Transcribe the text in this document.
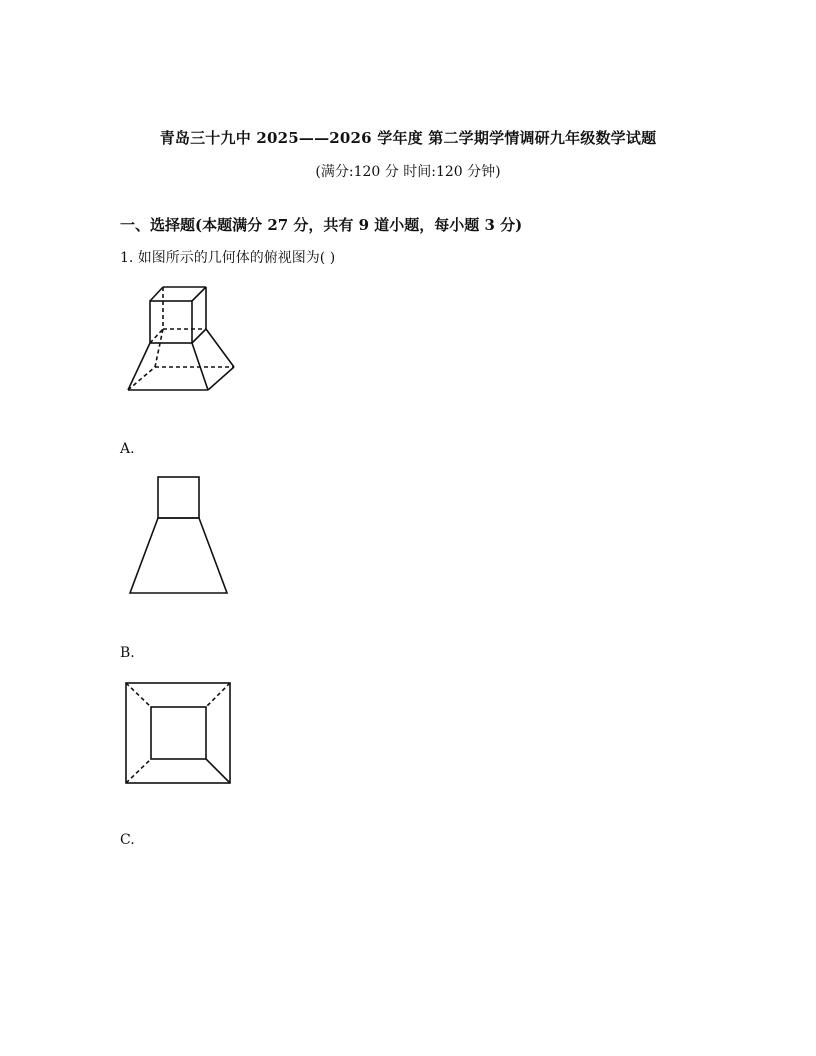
青岛三十九中 2025——2026 学年度 第二学期学情调研九年级数学试题
(满分:120 分 时间:120 分钟)
一、选择题(本题满分 27 分，共有 9 道小题，每小题 3 分)
1. 如图所示的几何体的俯视图为( )
A.
B.
C.
